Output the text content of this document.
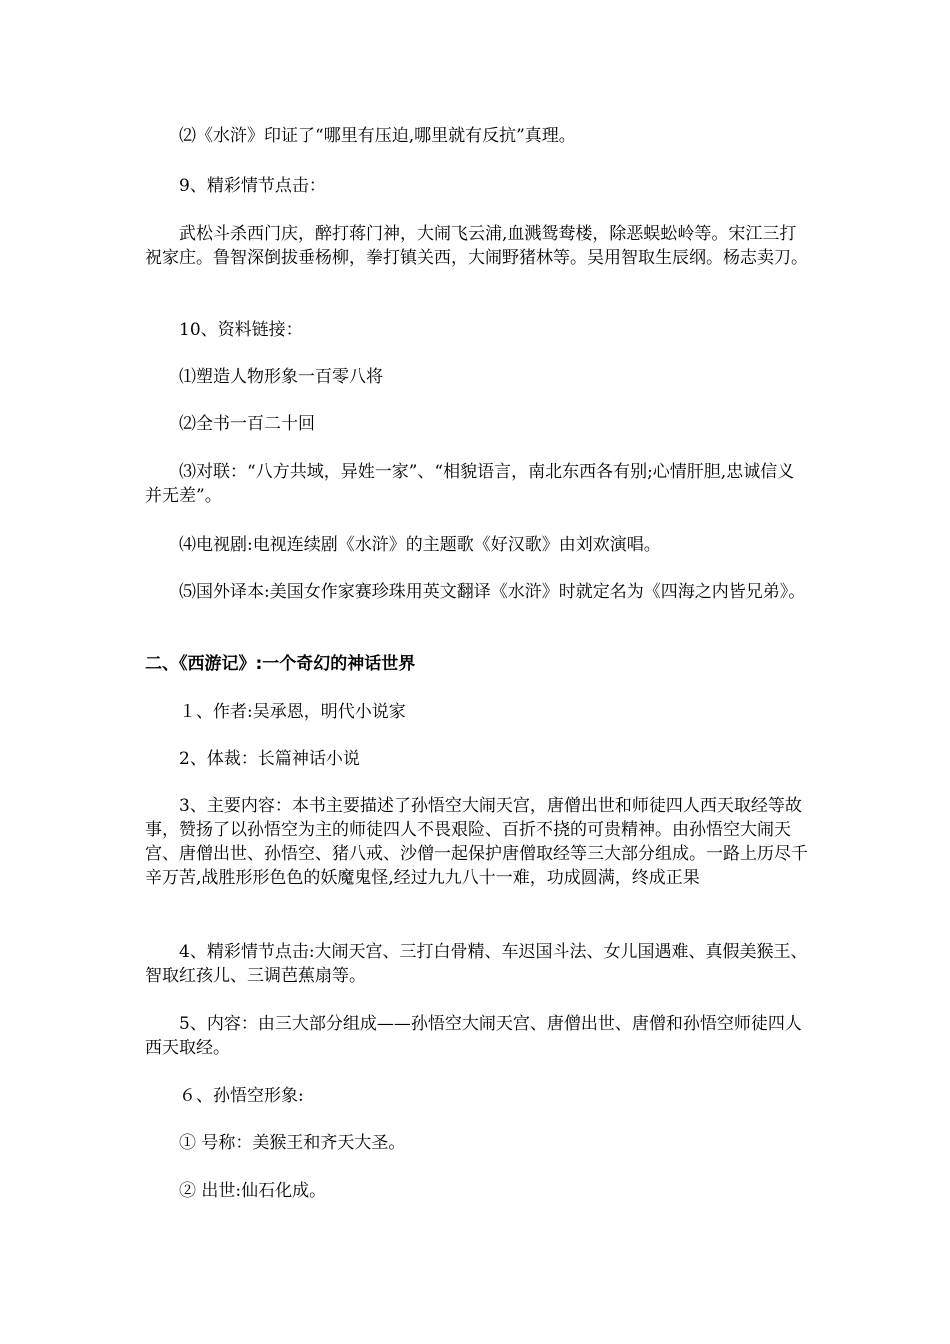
⑵《水浒》印证了“哪里有压迫,哪里就有反抗”真理。

9、精彩情节点击：

武松斗杀西门庆，醉打蒋门神，大闹飞云浦,血溅鸳鸯楼，除恶蜈蚣岭等。宋江三打祝家庄。鲁智深倒拔垂杨柳，拳打镇关西，大闹野猪林等。吴用智取生辰纲。杨志卖刀。

10、资料链接：

⑴塑造人物形象一百零八将

⑵全书一百二十回

⑶对联：“八方共域，异姓一家”、“相貌语言，南北东西各有别;心情肝胆,忠诚信义并无差”。

⑷电视剧:电视连续剧《水浒》的主题歌《好汉歌》由刘欢演唱。

⑸国外译本:美国女作家赛珍珠用英文翻译《水浒》时就定名为《四海之内皆兄弟》。

二、《西游记》:一个奇幻的神话世界

１、作者:吴承恩，明代小说家

2、体裁：长篇神话小说

3、主要内容：本书主要描述了孙悟空大闹天宫，唐僧出世和师徒四人西天取经等故事，赞扬了以孙悟空为主的师徒四人不畏艰险、百折不挠的可贵精神。由孙悟空大闹天宫、唐僧出世、孙悟空、猪八戒、沙僧一起保护唐僧取经等三大部分组成。一路上历尽千辛万苦,战胜形形色色的妖魔鬼怪,经过九九八十一难，功成圆满，终成正果

4、精彩情节点击:大闹天宫、三打白骨精、车迟国斗法、女儿国遇难、真假美猴王、智取红孩儿、三调芭蕉扇等。

5、内容：由三大部分组成——孙悟空大闹天宫、唐僧出世、唐僧和孙悟空师徒四人西天取经。

６、孙悟空形象:

① 号称：美猴王和齐天大圣。

② 出世:仙石化成。
